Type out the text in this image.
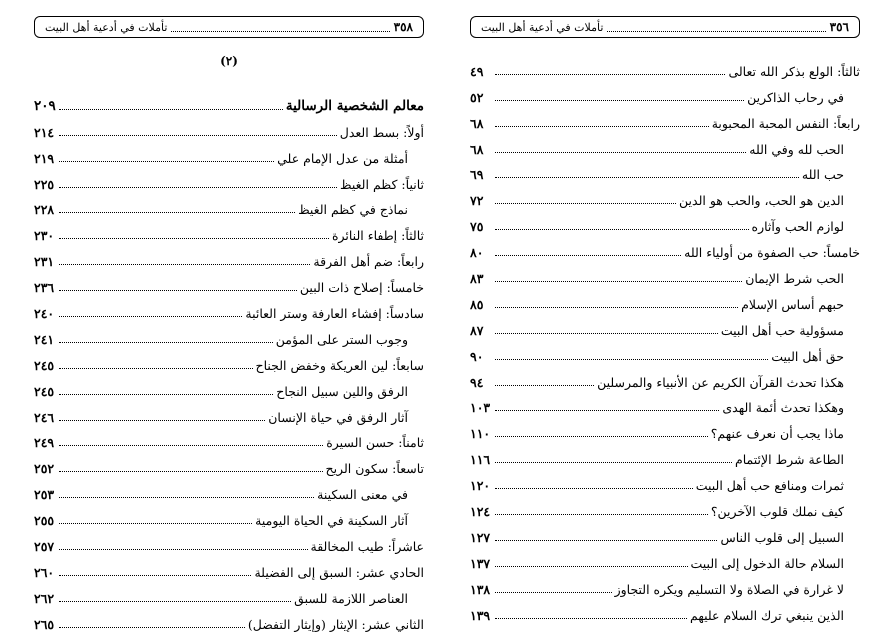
٣٥٨
تأملات في أدعية أهل البيت
(٢)
معالم الشخصية الرسالية
٢٠٩
أولاً: بسط العدل
٢١٤
أمثلة من عدل الإمام علي
٢١٩
ثانياً: كظم الغيظ
٢٢٥
نماذج في كظم الغيظ
٢٢٨
ثالثاً: إطفاء النائرة
٢٣٠
رابعاً: ضم أهل الفرقة
٢٣١
خامساً: إصلاح ذات البين
٢٣٦
سادساً: إفشاء العارفة وستر العائبة
٢٤٠
وجوب الستر على المؤمن
٢٤١
سابعاً: لين العريكة وخفض الجناح
٢٤٥
الرفق واللين سبيل النجاح
٢٤٥
آثار الرفق في حياة الإنسان
٢٤٦
ثامناً: حسن السيرة
٢٤٩
تاسعاً: سكون الريح
٢٥٢
في معنى السكينة
٢٥٣
آثار السكينة في الحياة اليومية
٢٥٥
عاشراً: طيب المخالقة
٢٥٧
الحادي عشر: السبق إلى الفضيلة
٢٦٠
العناصر اللازمة للسبق
٢٦٢
الثاني عشر: الإيثار (وإيثار التفضل)
٢٦٥
٣٥٦
تأملات في أدعية أهل البيت
ثالثاً: الولع بذكر الله تعالى
٤٩
في رحاب الذاكرين
٥٢
رابعاً: النفس المحبة المحبوبة
٦٨
الحب لله وفي الله
٦٨
حب الله
٦٩
الدين هو الحب، والحب هو الدين
٧٢
لوازم الحب وآثاره
٧٥
خامساً: حب الصفوة من أولياء الله
٨٠
الحب شرط الإيمان
٨٣
حبهم أساس الإسلام
٨٥
مسؤولية حب أهل البيت
٨٧
حق أهل البيت
٩٠
هكذا تحدث القرآن الكريم عن الأنبياء والمرسلين
٩٤
وهكذا تحدث أئمة الهدى
١٠٣
ماذا يجب أن نعرف عنهم؟
١١٠
الطاعة شرط الإئتمام
١١٦
ثمرات ومنافع حب أهل البيت
١٢٠
كيف نملك قلوب الآخرين؟
١٢٤
السبيل إلى قلوب الناس
١٢٧
السلام حالة الدخول إلى البيت
١٣٧
لا غرارة في الصلاة ولا التسليم ويكره التجاوز
١٣٨
الذين ينبغي ترك السلام عليهم
١٣٩
